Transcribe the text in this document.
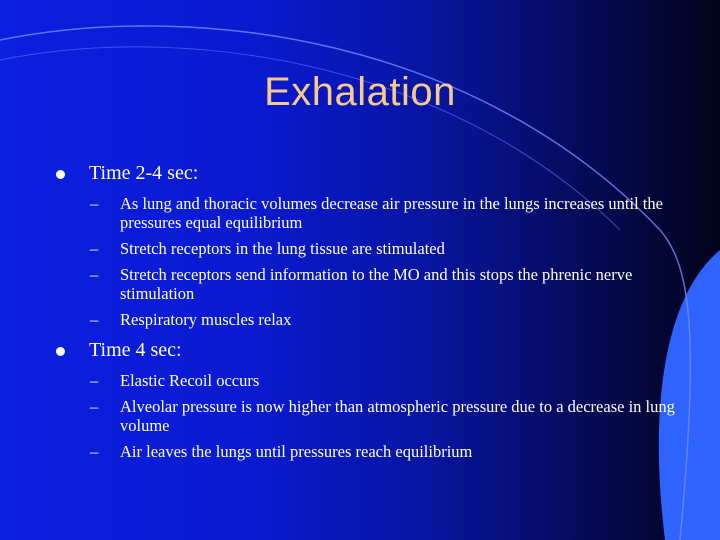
Exhalation
Time 2-4 sec:
– As lung and thoracic volumes decrease air pressure in the lungs increases until the pressures equal equilibrium
– Stretch receptors in the lung tissue are stimulated
– Stretch receptors send information to the MO and this stops the phrenic nerve stimulation
– Respiratory muscles relax
Time 4 sec:
– Elastic Recoil occurs
– Alveolar pressure is now higher than atmospheric pressure due to a decrease in lung volume
– Air leaves the lungs until pressures reach equilibrium
